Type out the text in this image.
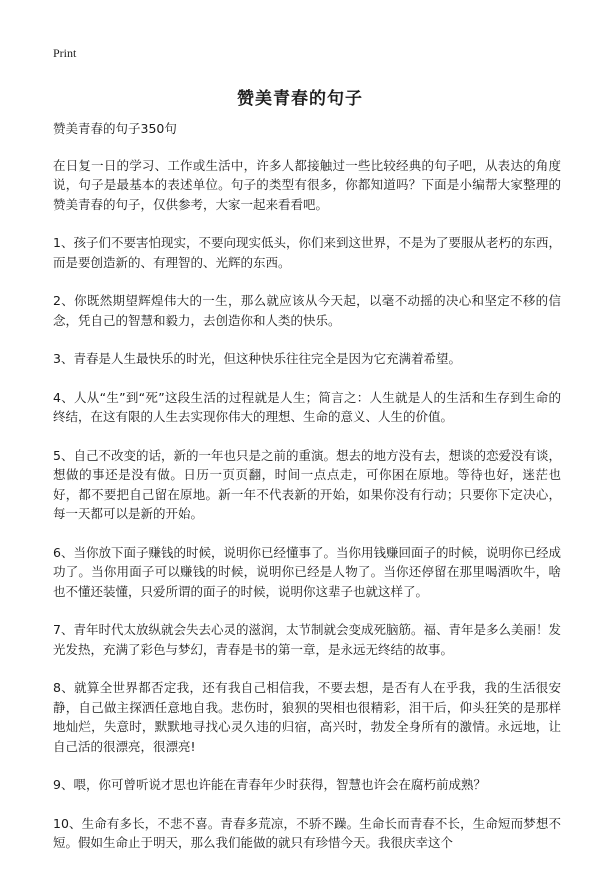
Print
赞美青春的句子

赞美青春的句子350句

在日复一日的学习、工作或生活中，许多人都接触过一些比较经典的句子吧，从表达的角度说，句子是最基本的表述单位。句子的类型有很多，你都知道吗？下面是小编帮大家整理的赞美青春的句子，仅供参考，大家一起来看看吧。

1、孩子们不要害怕现实，不要向现实低头，你们来到这世界，不是为了要服从老朽的东西，而是要创造新的、有理智的、光辉的东西。

2、你既然期望辉煌伟大的一生，那么就应该从今天起，以毫不动摇的决心和坚定不移的信念，凭自己的智慧和毅力，去创造你和人类的快乐。

3、青春是人生最快乐的时光，但这种快乐往往完全是因为它充满着希望。

4、人从“生”到“死”这段生活的过程就是人生；简言之：人生就是人的生活和生存到生命的终结，在这有限的人生去实现你伟大的理想、生命的意义、人生的价值。

5、自己不改变的话，新的一年也只是之前的重演。想去的地方没有去，想谈的恋爱没有谈，想做的事还是没有做。日历一页页翻，时间一点点走，可你困在原地。等待也好，迷茫也好，都不要把自己留在原地。新一年不代表新的开始，如果你没有行动；只要你下定决心，每一天都可以是新的开始。

6、当你放下面子赚钱的时候，说明你已经懂事了。当你用钱赚回面子的时候，说明你已经成功了。当你用面子可以赚钱的时候，说明你已经是人物了。当你还停留在那里喝酒吹牛，啥也不懂还装懂，只爱所谓的面子的时候，说明你这辈子也就这样了。

7、青年时代太放纵就会失去心灵的滋润，太节制就会变成死脑筋。福、青年是多么美丽！发光发热，充满了彩色与梦幻，青春是书的第一章，是永远无终结的故事。

8、就算全世界都否定我，还有我自己相信我，不要去想，是否有人在乎我，我的生活很安静，自己做主探洒任意地自我。悲伤时，狼狈的哭相也很精彩，泪干后，仰头狂笑的是那样地灿烂，失意时，默默地寻找心灵久违的归宿，高兴时，勃发全身所有的激情。永远地，让自己活的很漂亮，很漂亮!

9、喂，你可曾听说才思也许能在青春年少时获得，智慧也许会在腐朽前成熟？

10、生命有多长，不悲不喜。青春多荒凉，不骄不躁。生命长而青春不长，生命短而梦想不短。假如生命止于明天，那么我们能做的就只有珍惜今天。我很庆幸这个
